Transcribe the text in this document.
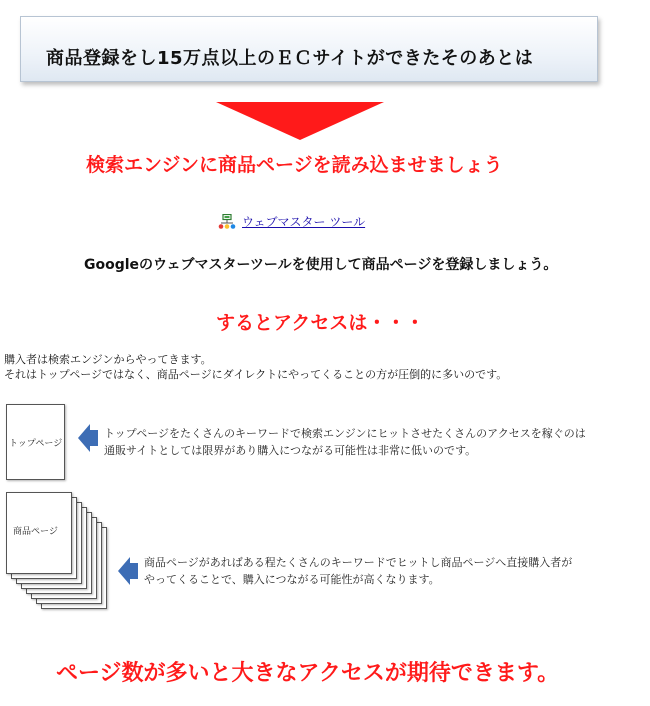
商品登録をし15万点以上のＥＣサイトができたそのあとは
検索エンジンに商品ページを読み込ませましょう
ウェブマスター ツール
Googleのウェブマスターツールを使用して商品ページを登録しましょう。
するとアクセスは・・・
購入者は検索エンジンからやってきます。
それはトップページではなく、商品ページにダイレクトにやってくることの方が圧倒的に多いのです。
トップページ
トップページをたくさんのキーワードで検索エンジンにヒットさせたくさんのアクセスを稼ぐのは
通販サイトとしては限界があり購入につながる可能性は非常に低いのです。
商品ページ
商品ページがあればある程たくさんのキーワードでヒットし商品ページへ直接購入者が
やってくることで、購入につながる可能性が高くなります。
ページ数が多いと大きなアクセスが期待できます。
